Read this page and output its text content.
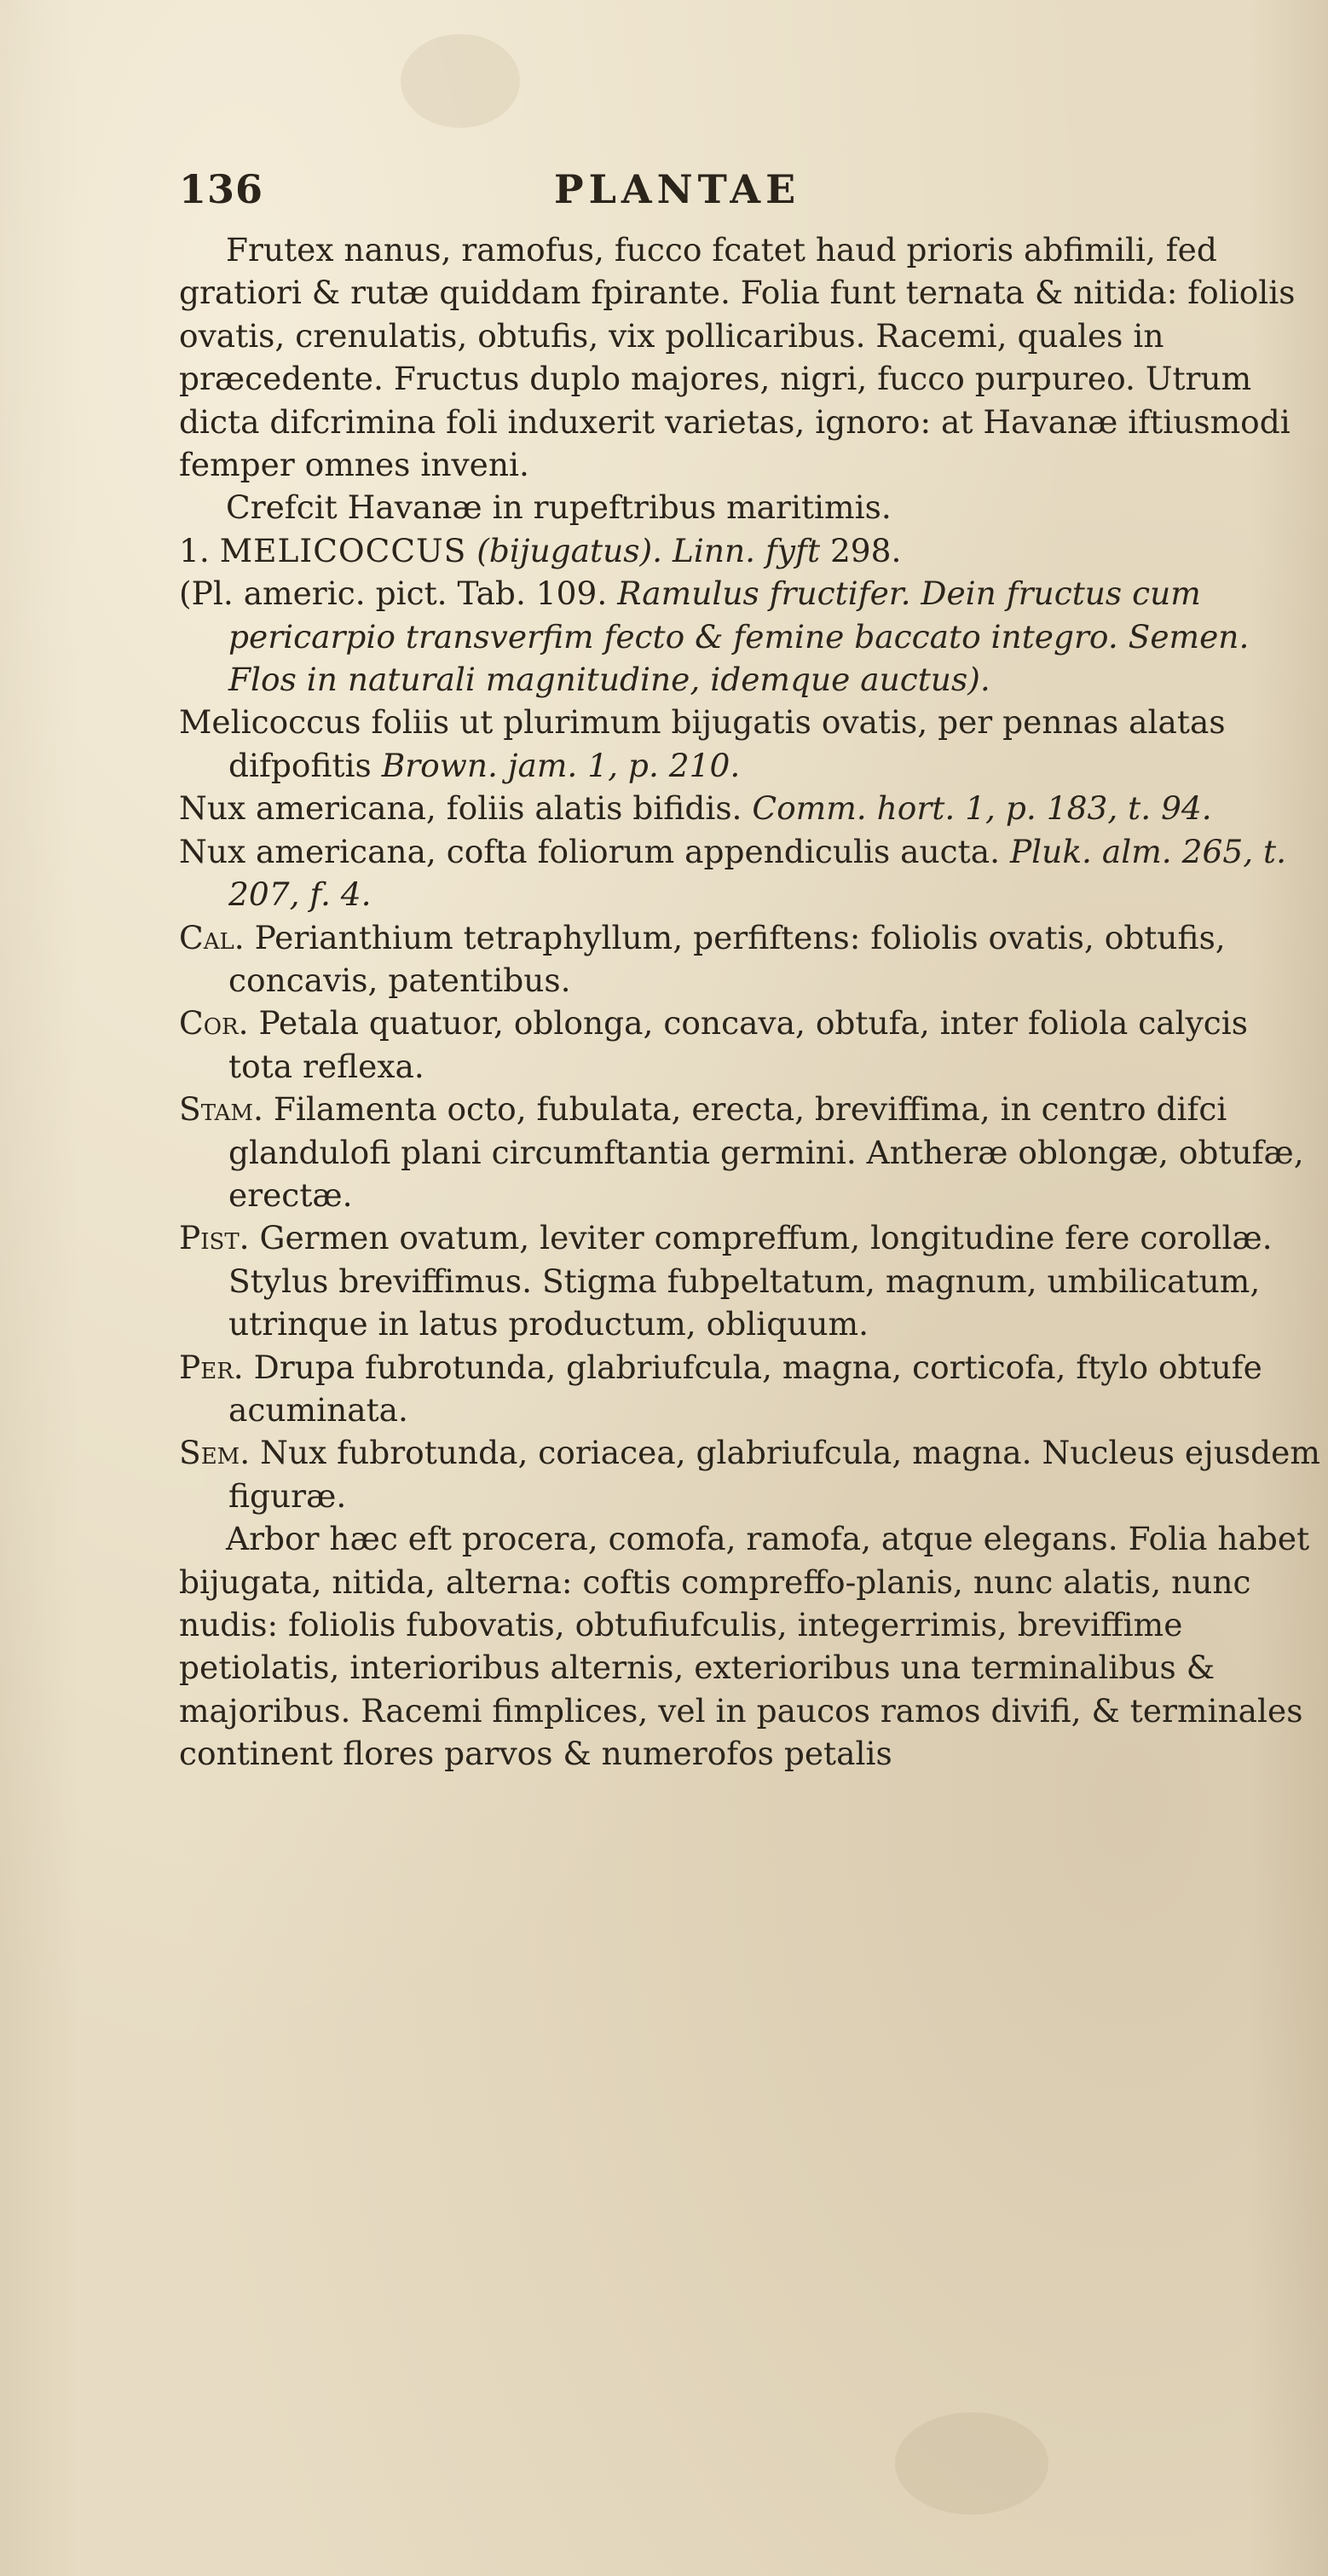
136	PLANTAE

Frutex nanus, ramofus, fucco fcatet haud prioris abfimili, fed gratiori & rutæ quiddam fpirante. Folia funt ternata & nitida: foliolis ovatis, crenulatis, obtufis, vix pollicaribus. Racemi, quales in præcedente. Fructus duplo majores, nigri, fucco purpureo. Utrum dicta difcrimina foli induxerit varietas, ignoro: at Havanæ iftiusmodi femper omnes inveni.

Crefcit Havanæ in rupeftribus maritimis.

1. MELICOCCUS (bijugatus). Linn. fyft 298.

(Pl. americ. pict. Tab. 109. Ramulus fructifer. Dein fructus cum pericarpio transverfim fecto & femine baccato integro. Semen. Flos in naturali magnitudine, idemque auctus).

Melicoccus foliis ut plurimum bijugatis ovatis, per pennas alatas difpofitis Brown. jam. 1, p. 210.

Nux americana, foliis alatis bifidis. Comm. hort. 1, p. 183, t. 94.

Nux americana, cofta foliorum appendiculis aucta. Pluk. alm. 265, t. 207, f. 4.

Cal. Perianthium tetraphyllum, perfiftens: foliolis ovatis, obtufis, concavis, patentibus.

Cor. Petala quatuor, oblonga, concava, obtufa, inter foliola calycis tota reflexa.

Stam. Filamenta octo, fubulata, erecta, breviffima, in centro difci glandulofi plani circumftantia germini. Antheræ oblongæ, obtufæ, erectæ.

Pist. Germen ovatum, leviter compreffum, longitudine fere corollæ. Stylus breviffimus. Stigma fubpeltatum, magnum, umbilicatum, utrinque in latus productum, obliquum.

Per. Drupa fubrotunda, glabriufcula, magna, corticofa, ftylo obtufe acuminata.

Sem. Nux fubrotunda, coriacea, glabriufcula, magna. Nucleus ejusdem figuræ.

Arbor hæc eft procera, comofa, ramofa, atque elegans. Folia habet bijugata, nitida, alterna: coftis compreffo-planis, nunc alatis, nunc nudis: foliolis fubovatis, obtufiufculis, integerrimis, breviffime petiolatis, interioribus alternis, exterioribus una terminalibus & majoribus. Racemi fimplices, vel in paucos ramos divifi, & terminales continent flores parvos & numerofos petalis
